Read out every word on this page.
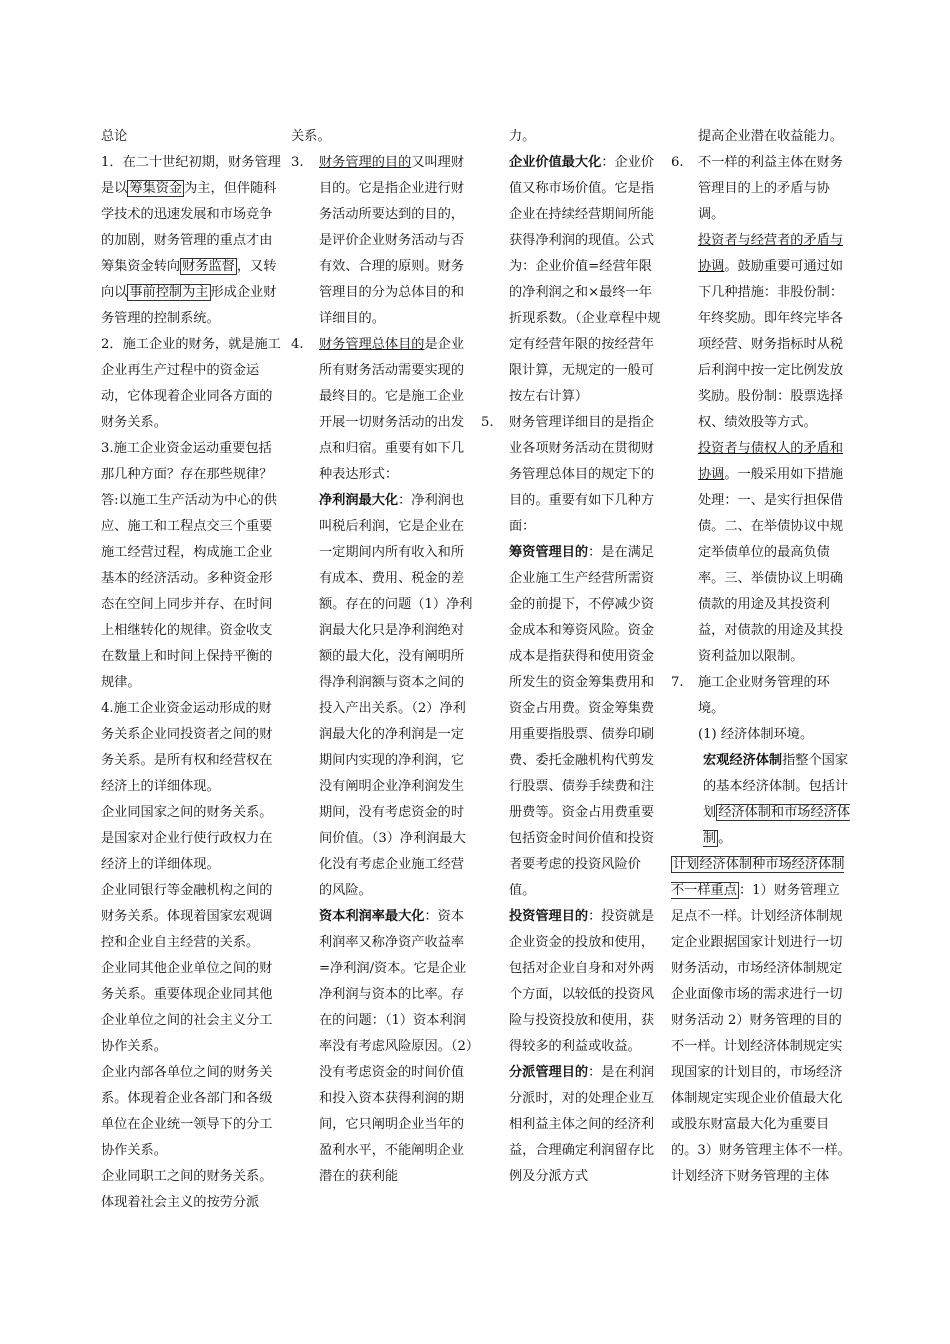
总论

1．在二十世纪初期，财务管理是以 筹集资金 为主，但伴随科学技术的迅速发展和市场竞争的加剧，财务管理的重点才由筹集资金转向 财务监督 ，又转向以 事前控制为主 形成企业财务管理的控制系统。

2．施工企业的财务，就是施工企业再生产过程中的资金运动，它体现着企业同各方面的财务关系。

3.施工企业资金运动重要包括那几种方面？存在那些规律？答:以施工生产活动为中心的供应、施工和工程点交三个重要施工经营过程，构成施工企业基本的经济活动。多种资金形态在空间上同步并存、在时间上相继转化的规律。资金收支在数量上和时间上保持平衡的规律。

4.施工企业资金运动形成的财务关系企业同投资者之间的财务关系。是所有权和经营权在经济上的详细体现。

企业同国家之间的财务关系。是国家对企业行使行政权力在经济上的详细体现。

企业同银行等金融机构之间的财务关系。体现着国家宏观调控和企业自主经营的关系。

企业同其他企业单位之间的财务关系。重要体现企业同其他企业单位之间的社会主义分工协作关系。

企业内部各单位之间的财务关系。体现着企业各部门和各级单位在企业统一领导下的分工协作关系。

企业同职工之间的财务关系。体现着社会主义的按劳分派

关系。

3.	财务管理的目的又叫理财目的。它是指企业进行财务活动所要达到的目的，是评价企业财务活动与否有效、合理的原则。财务管理目的分为总体目的和详细目的。
4.	财务管理总体目的是企业所有财务活动需要实现的最终目的。它是施工企业开展一切财务活动的出发点和归宿。重要有如下几种表达形式：

净利润最大化：净利润也叫税后利润，它是企业在一定期间内所有收入和所有成本、费用、税金的差额。存在的问题（1）净利润最大化只是净利润绝对额的最大化，没有阐明所得净利润额与资本之间的投入产出关系。（2）净利润最大化的净利润是一定期间内实现的净利润，它没有阐明企业净利润发生期间，没有考虑资金的时间价值。（3）净利润最大化没有考虑企业施工经营的风险。

资本利润率最大化：资本利润率又称净资产收益率=净利润/资本。它是企业净利润与资本的比率。存在的问题：（1）资本利润率没有考虑风险原因。（2）没有考虑资金的时间价值和投入资本获得利润的期间，它只阐明企业当年的盈利水平，不能阐明企业潜在的获利能

力。

企业价值最大化：企业价值又称市场价值。它是指企业在持续经营期间所能获得净利润的现值。公式为：企业价值=经营年限的净利润之和×最终一年折现系数。（企业章程中规定有经营年限的按经营年限计算，无规定的一般可按左右计算）

5.	财务管理详细目的是指企业各项财务活动在贯彻财务管理总体目的规定下的目的。重要有如下几种方面：

筹资管理目的：是在满足企业施工生产经营所需资金的前提下，不停减少资金成本和筹资风险。资金成本是指获得和使用资金所发生的资金筹集费用和资金占用费。资金筹集费用重要指股票、债券印刷费、委托金融机构代剪发行股票、债券手续费和注册费等。资金占用费重要包括资金时间价值和投资者要考虑的投资风险价值。

投资管理目的：投资就是企业资金的投放和使用，包括对企业自身和对外两个方面，以较低的投资风险与投资投放和使用，获得较多的利益或收益。

分派管理目的：是在利润分派时，对的处理企业互相利益主体之间的经济利益，合理确定利润留存比例及分派方式

提高企业潜在收益能力。

6.	不一样的利益主体在财务管理目的上的矛盾与协调。

投资者与经营者的矛盾与协调。鼓励重要可通过如下几种措施：非股份制：年终奖励。即年终完毕各项经营、财务指标时从税后利润中按一定比例发放奖励。股份制：股票选择权、绩效股等方式。

投资者与债权人的矛盾和协调。一般采用如下措施处理：一、是实行担保借债。二、在举债协议中规定举债单位的最高负债率。三、举债协议上明确债款的用途及其投资利益，对债款的用途及其投资利益加以限制。

7.	施工企业财务管理的环境。

(1) 经济体制环境。

宏观经济体制指整个国家的基本经济体制。包括计划 经济体制和市场经济体制 。

计划经济体制种市场经济体制不一样重点 ：1）财务管理立足点不一样。计划经济体制规定企业跟据国家计划进行一切财务活动，市场经济体制规定企业面像市场的需求进行一切财务活动 2）财务管理的目的不一样。计划经济体制规定实现国家的计划目的，市场经济体制规定实现企业价值最大化或股东财富最大化为重要目的。3）财务管理主体不一样。计划经济下财务管理的主体
